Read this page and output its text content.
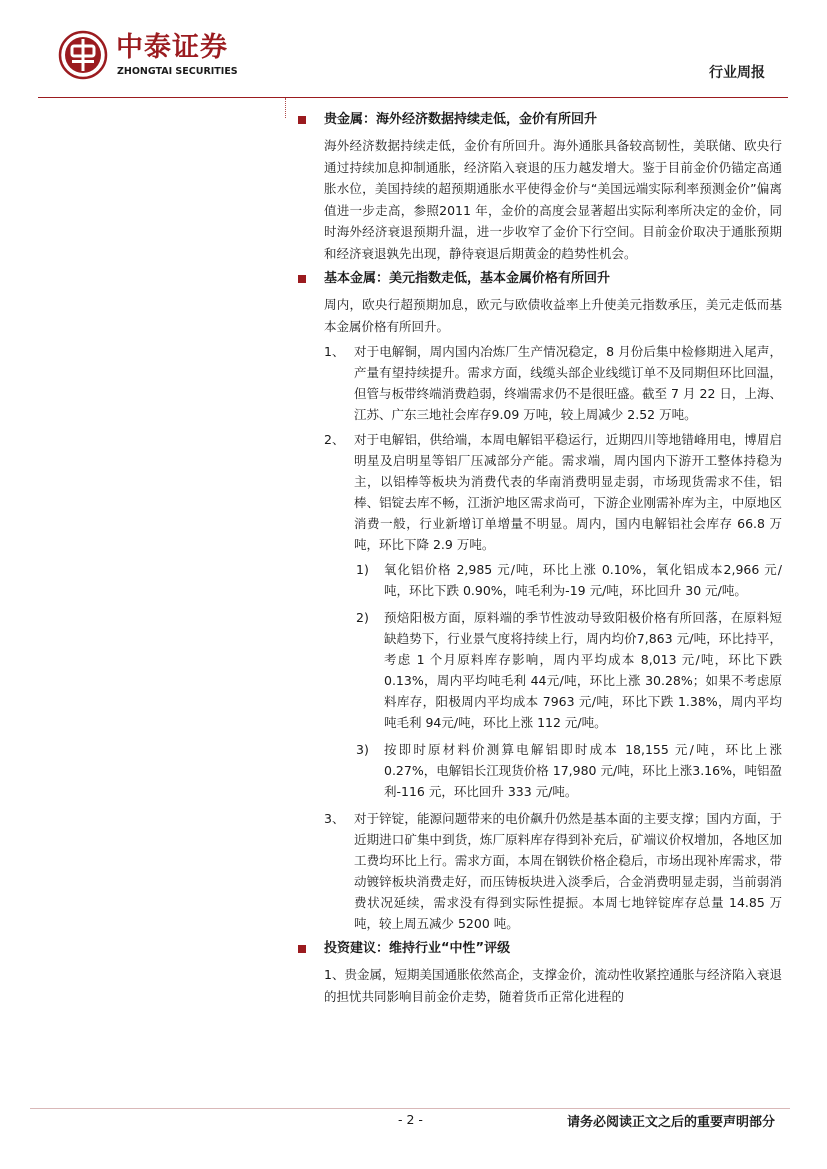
中泰证券
ZHONGTAI SECURITIES	行业周报
贵金属：海外经济数据持续走低，金价有所回升
海外经济数据持续走低，金价有所回升。海外通胀具备较高韧性，美联储、欧央行通过持续加息抑制通胀，经济陷入衰退的压力越发增大。鉴于目前金价仍锚定高通胀水位，美国持续的超预期通胀水平使得金价与“美国远端实际利率预测金价”偏离值进一步走高，参照2011 年，金价的高度会显著超出实际利率所决定的金价，同时海外经济衰退预期升温，进一步收窄了金价下行空间。目前金价取决于通胀预期和经济衰退孰先出现，静待衰退后期黄金的趋势性机会。
基本金属：美元指数走低，基本金属价格有所回升
周内，欧央行超预期加息，欧元与欧债收益率上升使美元指数承压，美元走低而基本金属价格有所回升。
1、 对于电解铜，周内国内冶炼厂生产情况稳定，8 月份后集中检修期进入尾声，产量有望持续提升。需求方面，线缆头部企业线缆订单不及同期但环比回温，但管与板带终端消费趋弱，终端需求仍不是很旺盛。截至 7 月 22 日，上海、江苏、广东三地社会库存9.09 万吨，较上周减少 2.52 万吨。
2、 对于电解铝，供给端，本周电解铝平稳运行，近期四川等地错峰用电，博眉启明星及启明星等铝厂压减部分产能。需求端，周内国内下游开工整体持稳为主，以铝棒等板块为消费代表的华南消费明显走弱，市场现货需求不佳，铝棒、铝锭去库不畅，江浙沪地区需求尚可，下游企业刚需补库为主，中原地区消费一般，行业新增订单增量不明显。周内，国内电解铝社会库存 66.8 万吨，环比下降 2.9 万吨。
1) 氧化铝价格 2,985 元/吨，环比上涨 0.10%，氧化铝成本2,966 元/吨，环比下跌 0.90%，吨毛利为-19 元/吨，环比回升 30 元/吨。
2) 预焙阳极方面，原料端的季节性波动导致阳极价格有所回落，在原料短缺趋势下，行业景气度将持续上行，周内均价7,863 元/吨，环比持平，考虑 1 个月原料库存影响，周内平均成本 8,013 元/吨，环比下跌 0.13%，周内平均吨毛利 44元/吨，环比上涨 30.28%；如果不考虑原料库存，阳极周内平均成本 7963 元/吨，环比下跌 1.38%，周内平均吨毛利 94元/吨，环比上涨 112 元/吨。
3) 按即时原材料价测算电解铝即时成本 18,155 元/吨，环比上涨 0.27%，电解铝长江现货价格 17,980 元/吨，环比上涨3.16%，吨铝盈利-116 元，环比回升 333 元/吨。
3、 对于锌锭，能源问题带来的电价飙升仍然是基本面的主要支撑；国内方面，于近期进口矿集中到货，炼厂原料库存得到补充后，矿端议价权增加，各地区加工费均环比上行。需求方面，本周在钢铁价格企稳后，市场出现补库需求，带动镀锌板块消费走好，而压铸板块进入淡季后，合金消费明显走弱，当前弱消费状况延续，需求没有得到实际性提振。本周七地锌锭库存总量 14.85 万吨，较上周五减少 5200 吨。
投资建议：维持行业“中性”评级
1、贵金属，短期美国通胀依然高企，支撑金价，流动性收紧控通胀与经济陷入衰退的担忧共同影响目前金价走势，随着货币正常化进程的
- 2 -	请务必阅读正文之后的重要声明部分
